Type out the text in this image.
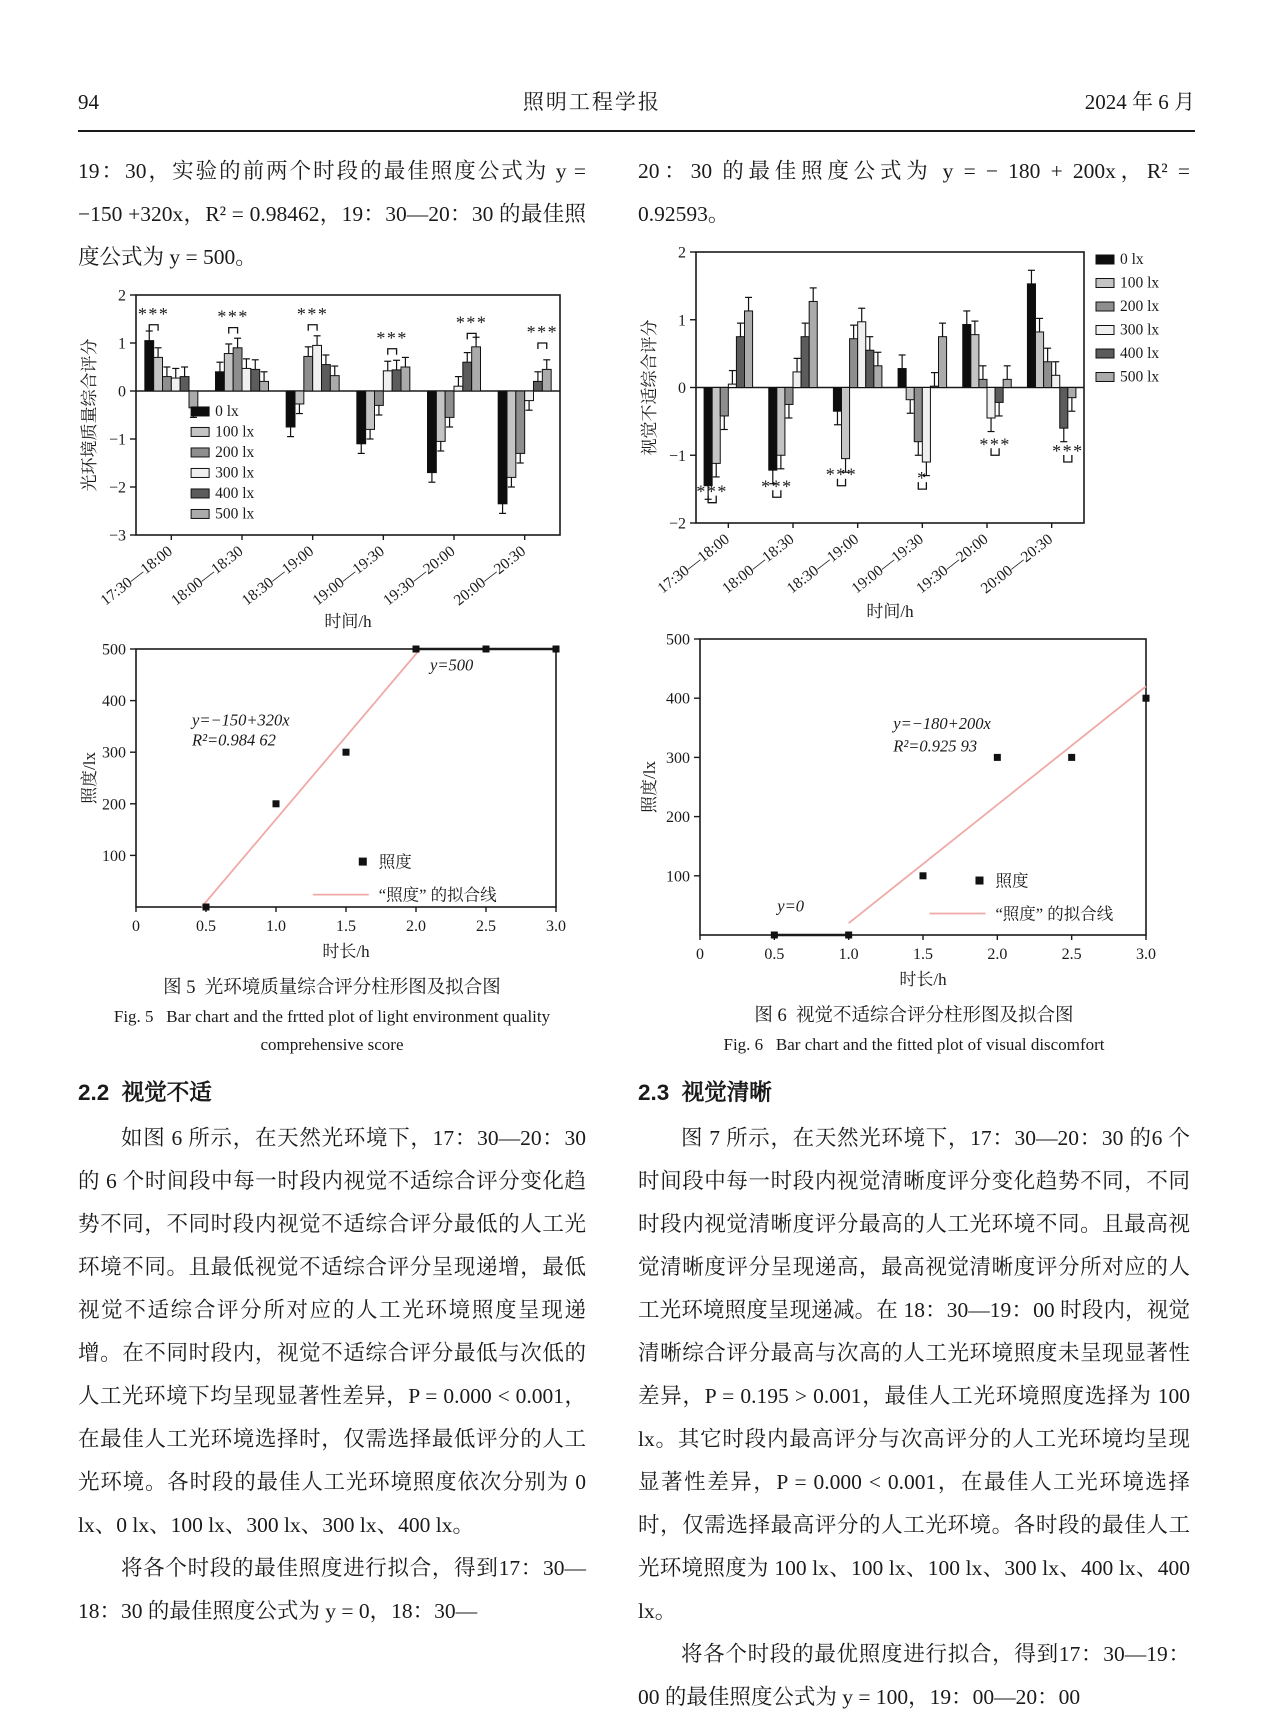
94	照明工程学报	2024 年 6 月

19：30，实验的前两个时段的最佳照度公式为 y = −150 +320x，R² = 0.98462，19：30—20：30 的最佳照度公式为 y = 500。

2
1
0
−1
−2
−3
17:30—18:00
18:00—18:30
18:30—19:00
19:00—19:30
19:30—20:00
20:00—20:30
时间/h
光环境质量综合评分	0 lx
100 lx
200 lx
300 lx
400 lx
500 lx
***	***	***
***
*** ***
0	0.5	1.0	1.5	2.0	2.5	3.0
100
200
300
400
500
y=−150+320x
R²=0.984 62
y=500
照度
“照度” 的拟合线
时长/h
照度/lx
图 5  光环境质量综合评分柱形图及拟合图
Fig. 5   Bar chart and the frtted plot of light environment quality
comprehensive score
2.2  视觉不适

如图 6 所示，在天然光环境下，17：30—20：30的 6 个时间段中每一时段内视觉不适综合评分变化趋势不同，不同时段内视觉不适综合评分最低的人工光环境不同。且最低视觉不适综合评分呈现递增，最低视觉不适综合评分所对应的人工光环境照度呈现递增。在不同时段内，视觉不适综合评分最低与次低的人工光环境下均呈现显著性差异，P = 0.000 < 0.001，在最佳人工光环境选择时，仅需选择最低评分的人工光环境。各时段的最佳人工光环境照度依次分别为 0 lx、0 lx、100 lx、300 lx、300 lx、400 lx。

将各个时段的最佳照度进行拟合，得到17：30—18：30 的最佳照度公式为 y = 0，18：30—

20：30 的最佳照度公式为 y = − 180 + 200x，R² = 0.92593。

2
1
0
−1
−2
17:30—18:00
18:00—18:30
18:30—19:00
19:00—19:30
19:30—20:00
20:00—20:30
时间/h
视觉不适综合评分
0 lx
100 lx
200 lx
300 lx
400 lx
500 lx
*** ***
***	*
*** ***
0	0.5	1.0	1.5	2.0	2.5	3.0
100
200
300
400
500
y=−180+200x
R²=0.925 93
y=0
照度
“照度” 的拟合线
时长/h
照度/lx
图 6  视觉不适综合评分柱形图及拟合图
Fig. 6   Bar chart and the fitted plot of visual discomfort
2.3  视觉清晰

图 7 所示，在天然光环境下，17：30—20：30 的6 个时间段中每一时段内视觉清晰度评分变化趋势不同，不同时段内视觉清晰度评分最高的人工光环境不同。且最高视觉清晰度评分呈现递高，最高视觉清晰度评分所对应的人工光环境照度呈现递减。在 18：30—19：00 时段内，视觉清晰综合评分最高与次高的人工光环境照度未呈现显著性差异，P = 0.195 > 0.001，最佳人工光环境照度选择为 100 lx。其它时段内最高评分与次高评分的人工光环境均呈现显著性差异，P = 0.000 < 0.001，在最佳人工光环境选择时，仅需选择最高评分的人工光环境。各时段的最佳人工光环境照度为 100 lx、100 lx、100 lx、300 lx、400 lx、400 lx。

将各个时段的最优照度进行拟合，得到17：30—19：00 的最佳照度公式为 y = 100，19：00—20：00
